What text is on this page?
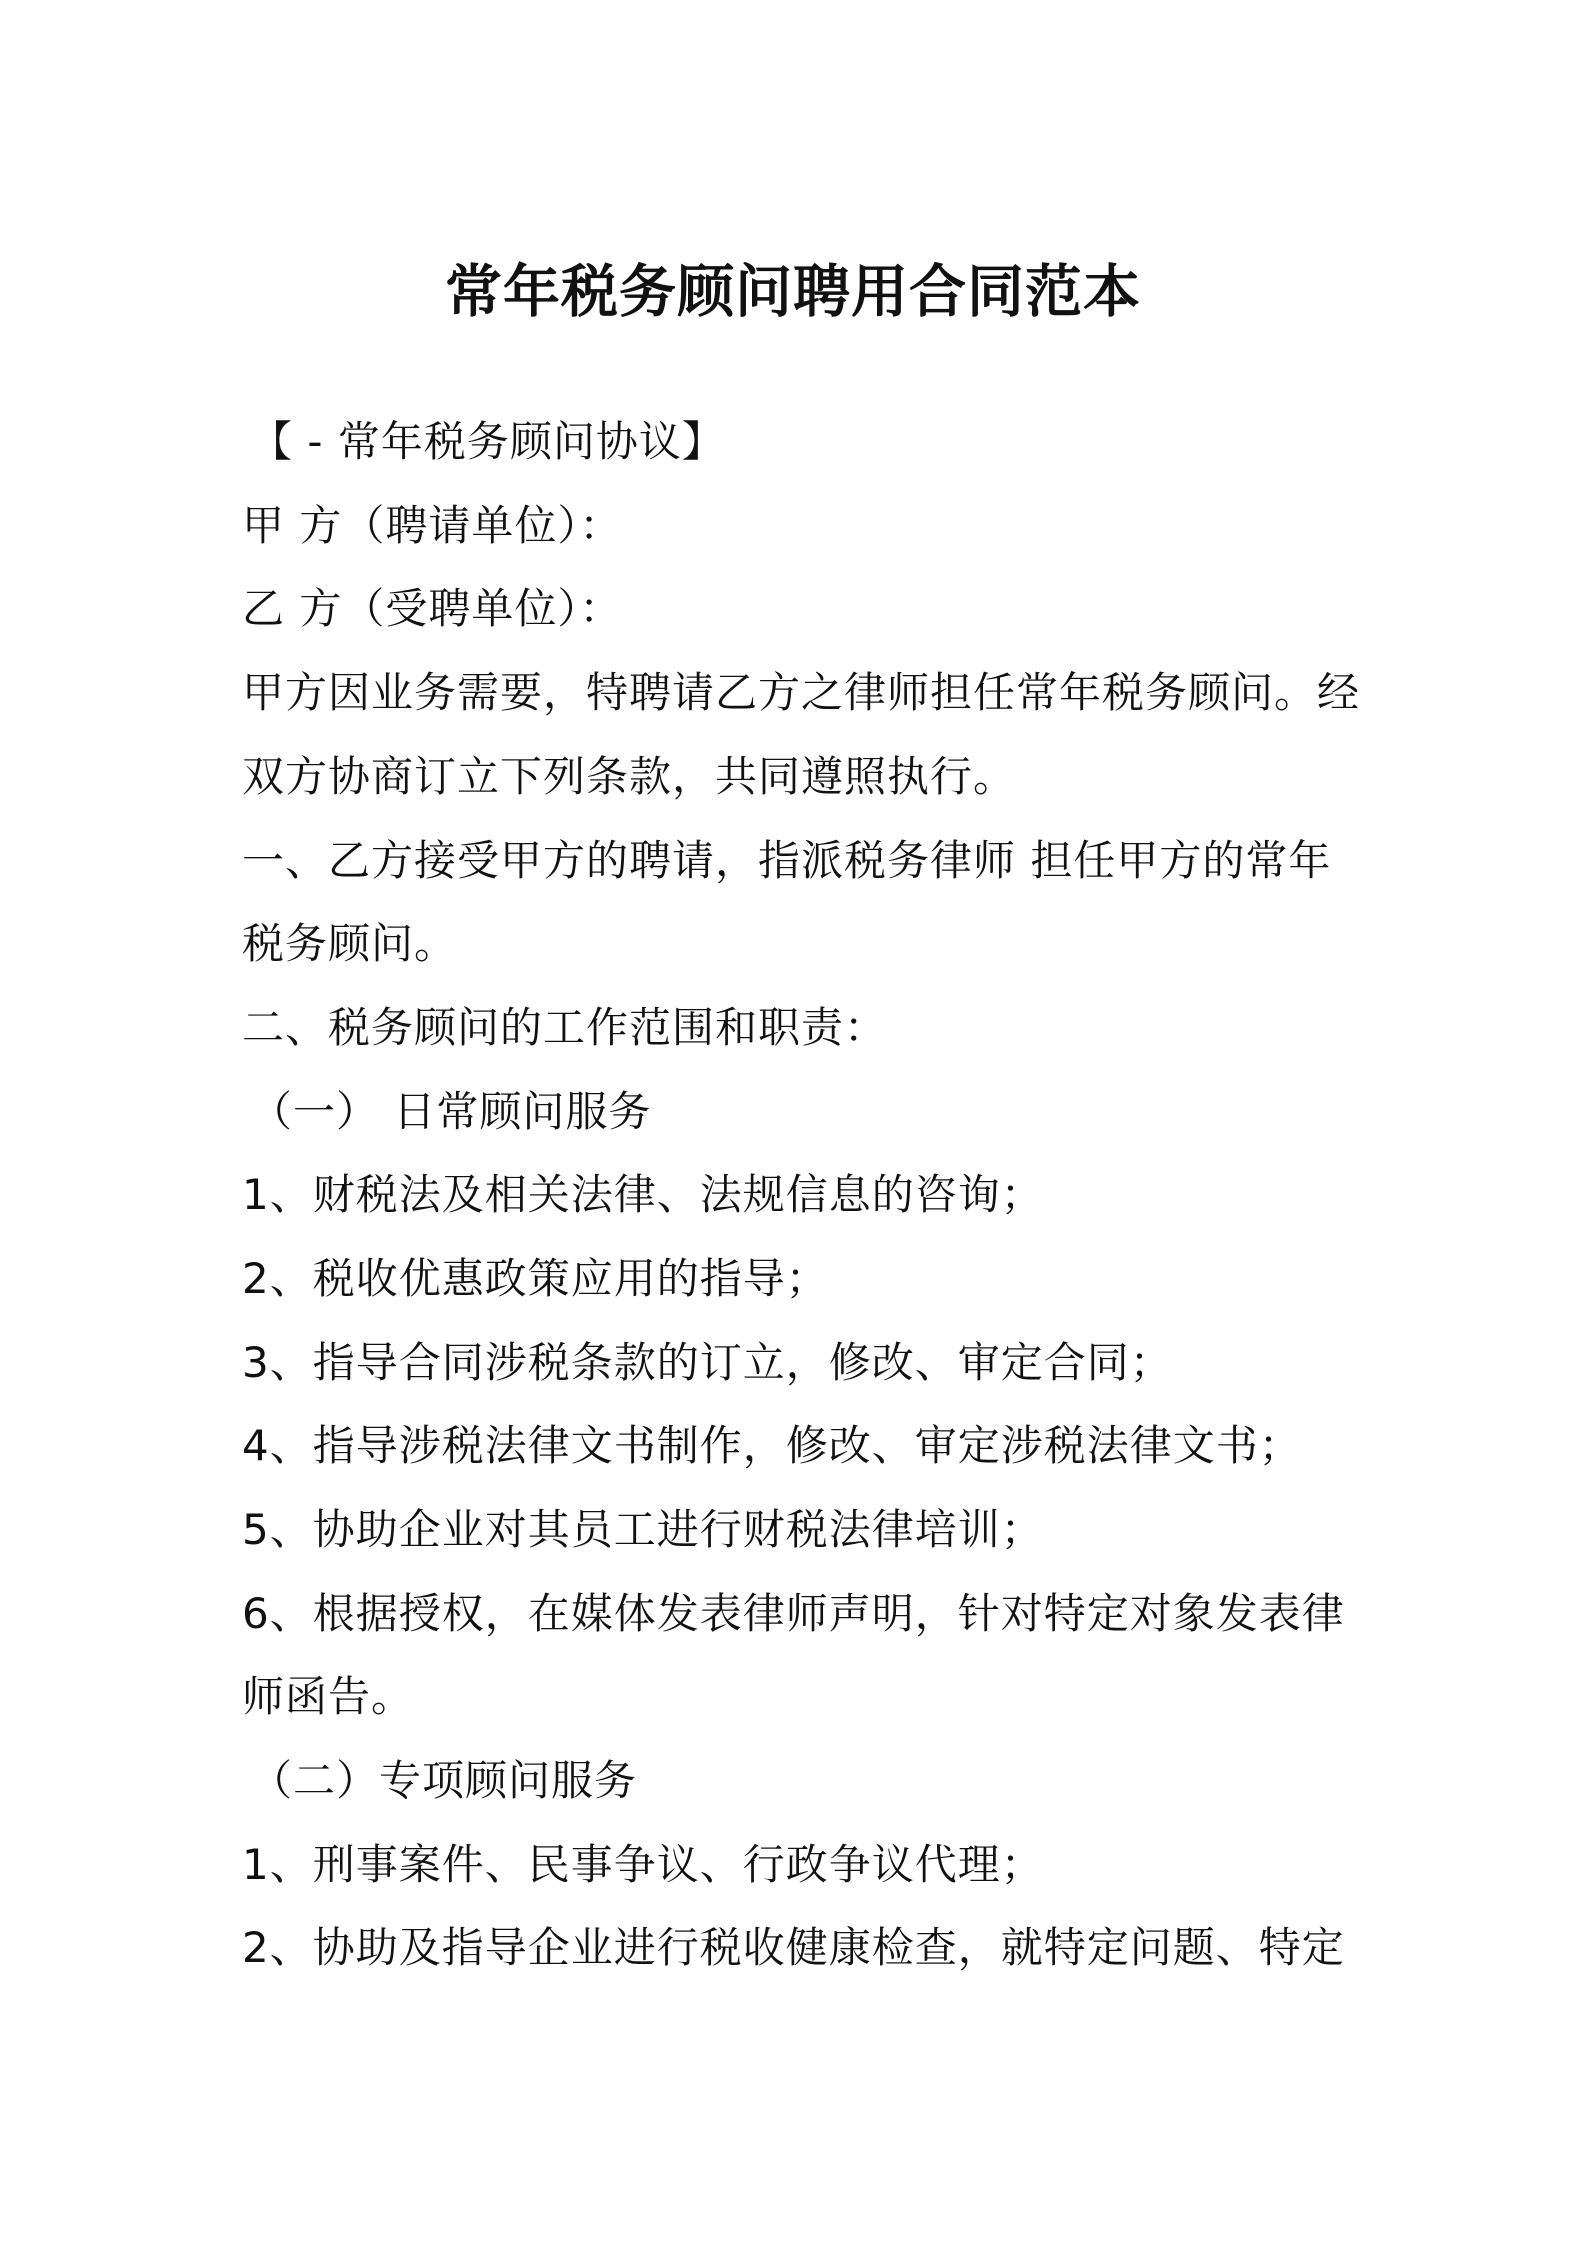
常年税务顾问聘用合同范本
【 - 常年税务顾问协议】
甲 方（聘请单位）：
乙 方（受聘单位）：
甲方因业务需要，特聘请乙方之律师担任常年税务顾问。经
双方协商订立下列条款，共同遵照执行。
一、乙方接受甲方的聘请，指派税务律师 担任甲方的常年
税务顾问。
二、税务顾问的工作范围和职责：
（一） 日常顾问服务
1、财税法及相关法律、法规信息的咨询；
2、税收优惠政策应用的指导；
3、指导合同涉税条款的订立，修改、审定合同；
4、指导涉税法律文书制作，修改、审定涉税法律文书；
5、协助企业对其员工进行财税法律培训；
6、根据授权，在媒体发表律师声明，针对特定对象发表律
师函告。
（二）专项顾问服务
1、刑事案件、民事争议、行政争议代理；
2、协助及指导企业进行税收健康检查，就特定问题、特定
